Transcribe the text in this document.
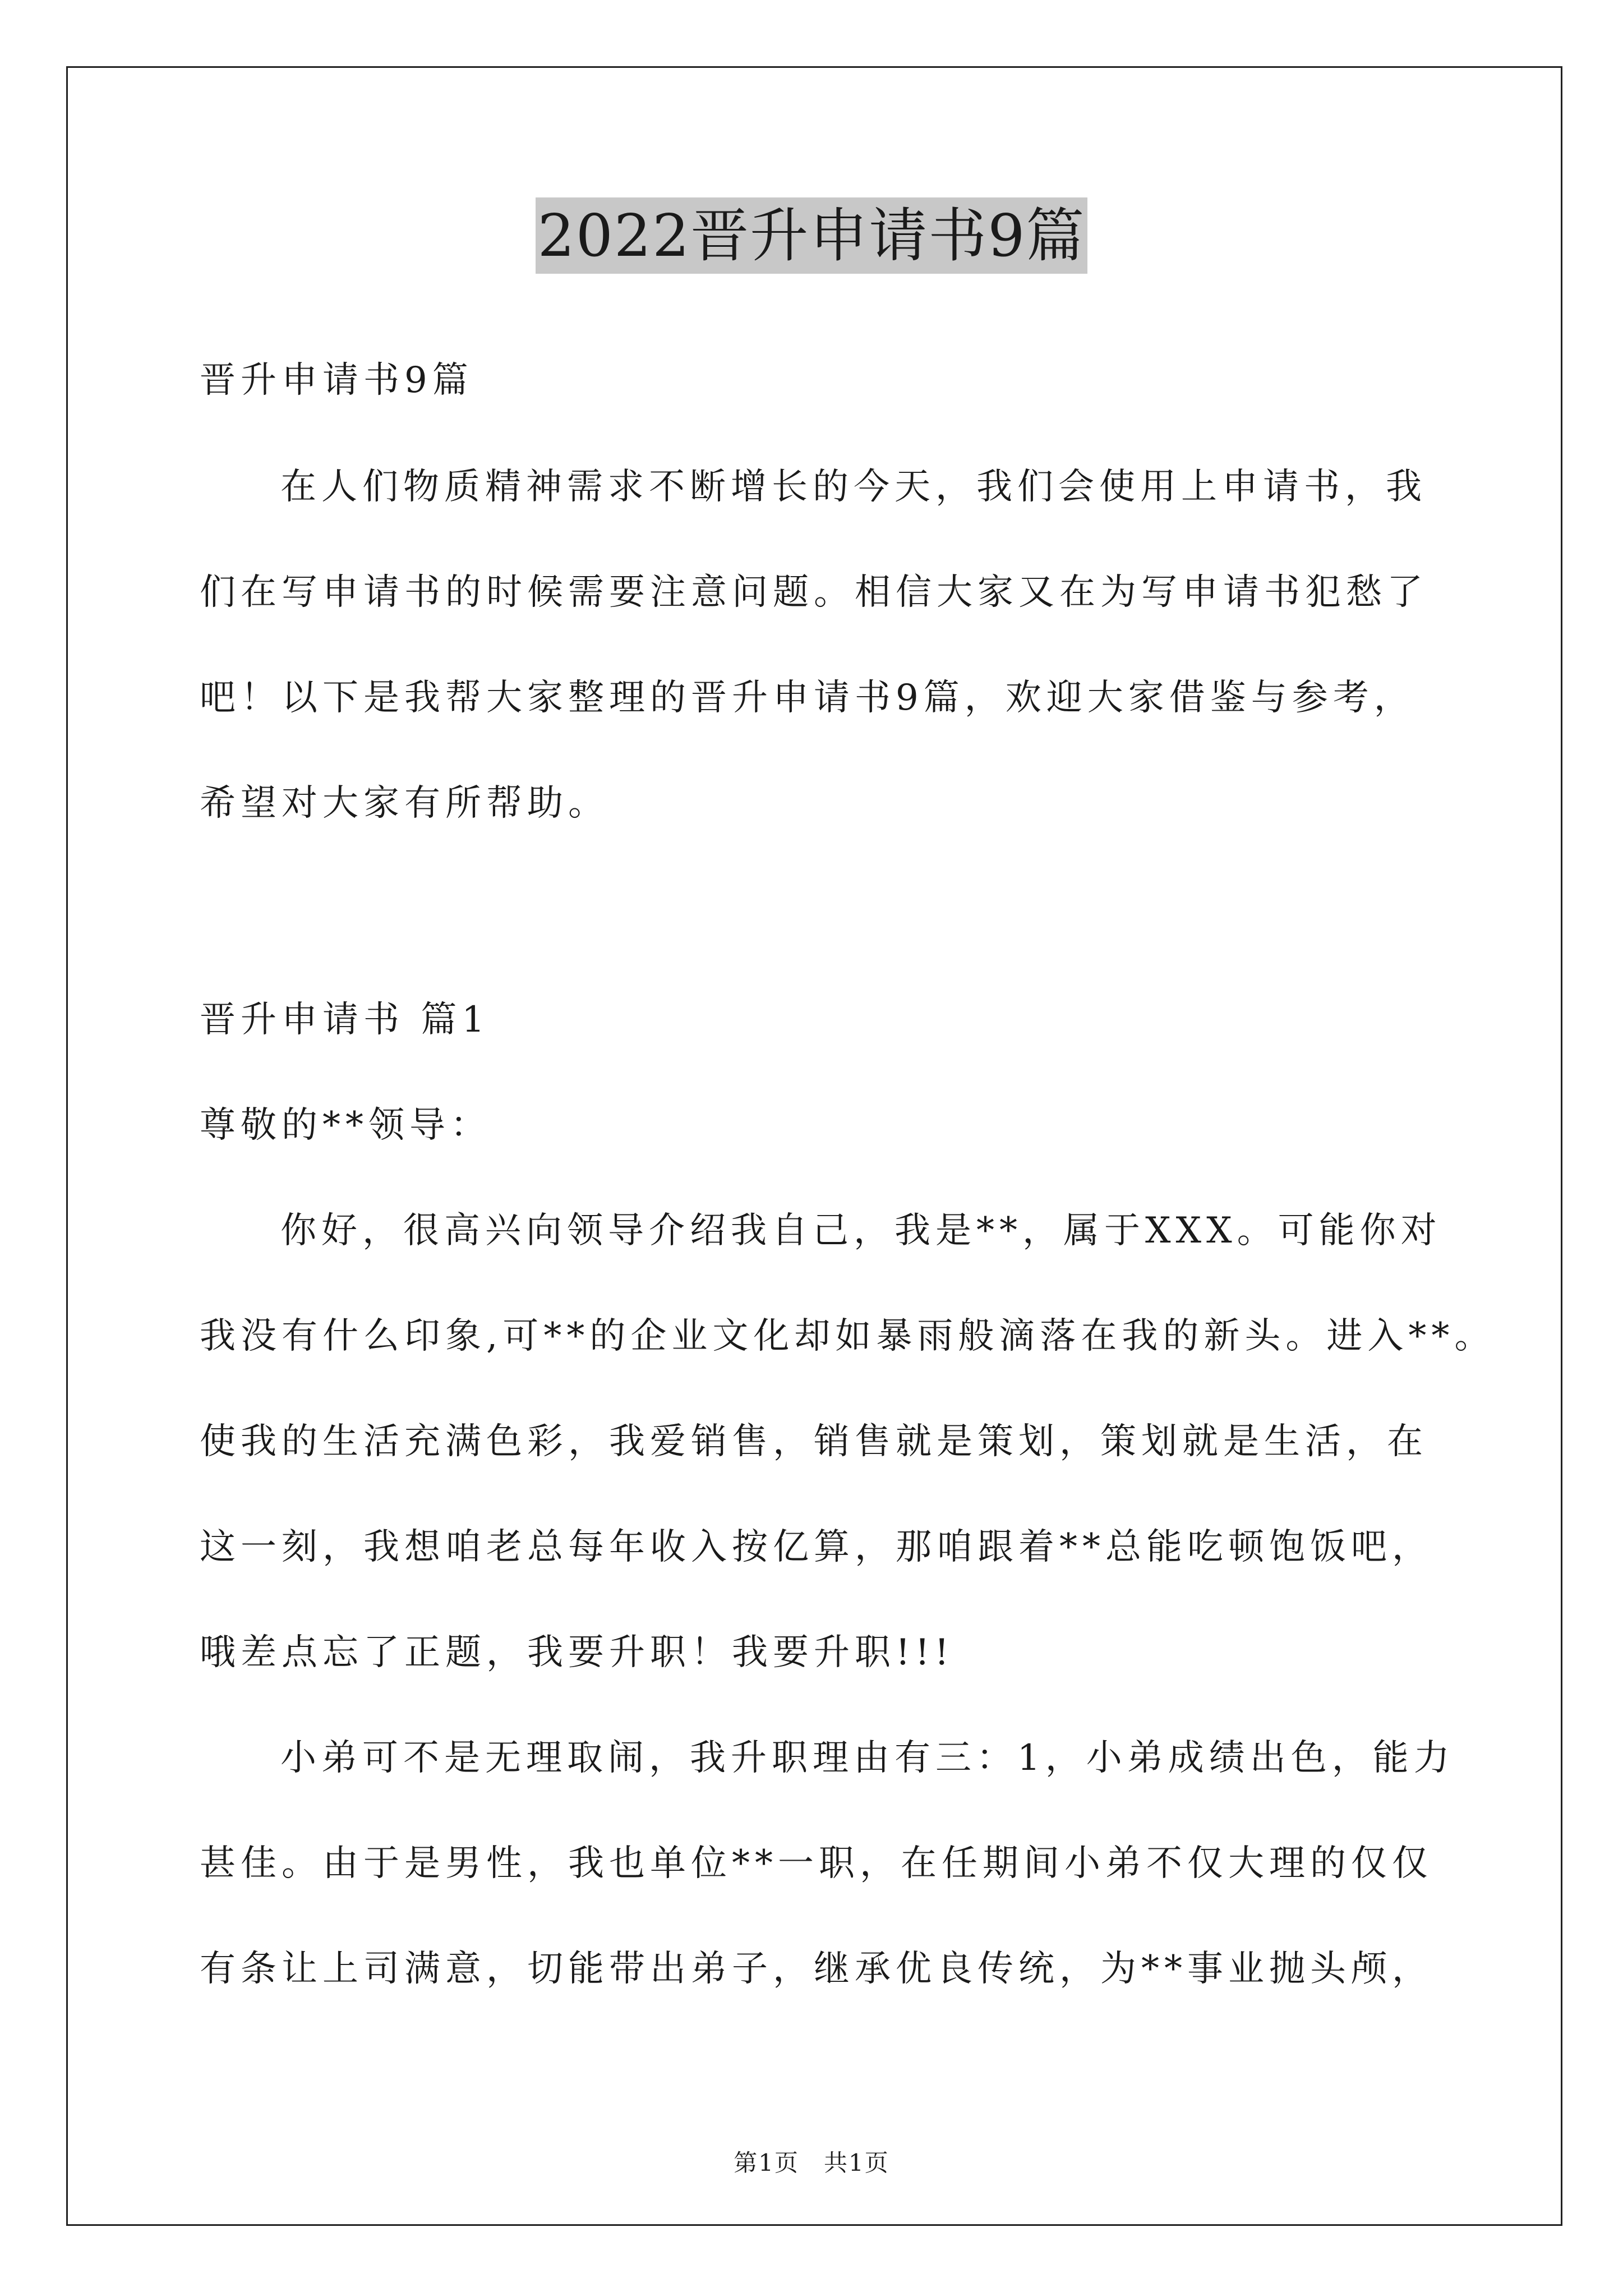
2022晋升申请书9篇
晋升申请书9篇
在人们物质精神需求不断增长的今天，我们会使用上申请书，我
们在写申请书的时候需要注意问题。相信大家又在为写申请书犯愁了
吧！以下是我帮大家整理的晋升申请书9篇，欢迎大家借鉴与参考，
希望对大家有所帮助。
晋升申请书 篇1
尊敬的**领导：
你好，很高兴向领导介绍我自己，我是**，属于XXX。可能你对
我没有什么印象,可**的企业文化却如暴雨般滴落在我的新头。进入**。
使我的生活充满色彩，我爱销售，销售就是策划，策划就是生活，在
这一刻，我想咱老总每年收入按亿算，那咱跟着**总能吃顿饱饭吧，
哦差点忘了正题，我要升职！我要升职!!!
小弟可不是无理取闹，我升职理由有三：1，小弟成绩出色，能力
甚佳。由于是男性，我也单位**一职，在任期间小弟不仅大理的仅仅
有条让上司满意，切能带出弟子，继承优良传统，为**事业抛头颅，
第1页　共1页
